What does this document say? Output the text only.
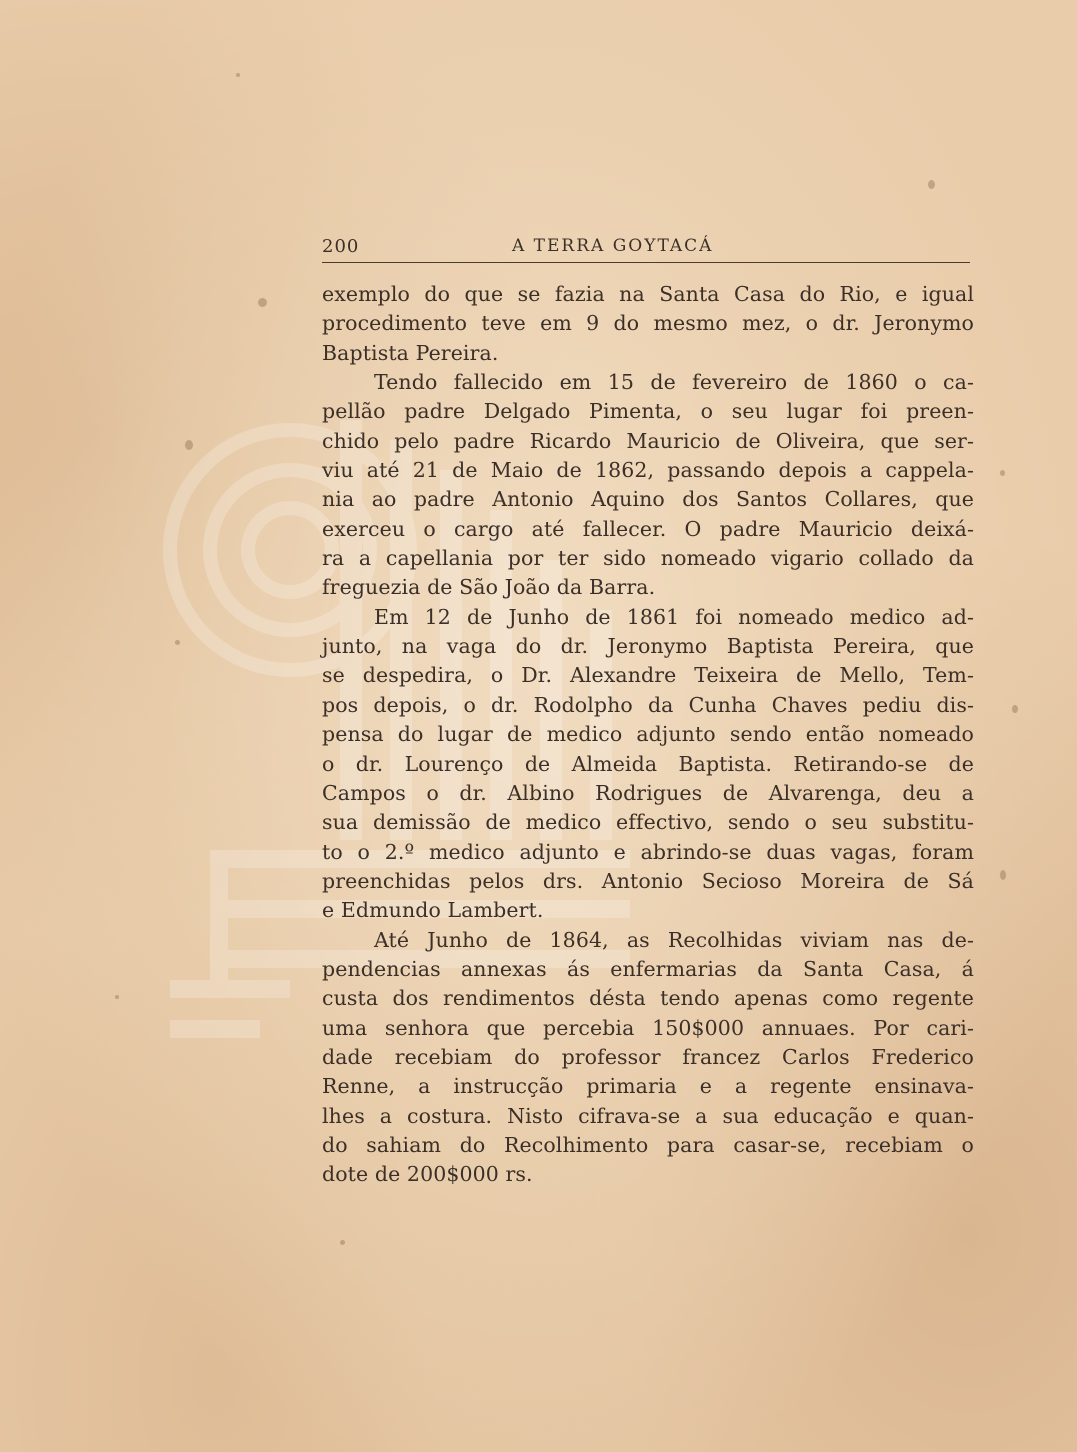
200	A TERRA GOYTACÁ
exemplo do que se fazia na Santa Casa do Rio, e igual
procedimento teve em 9 do mesmo mez, o dr. Jeronymo
Baptista Pereira.
Tendo fallecido em 15 de fevereiro de 1860 o ca-
pellão padre Delgado Pimenta, o seu lugar foi preen-
chido pelo padre Ricardo Mauricio de Oliveira, que ser-
viu até 21 de Maio de 1862, passando depois a cappela-
nia ao padre Antonio Aquino dos Santos Collares, que
exerceu o cargo até fallecer. O padre Mauricio deixá-
ra a capellania por ter sido nomeado vigario collado da
freguezia de São João da Barra.
Em 12 de Junho de 1861 foi nomeado medico ad-
junto, na vaga do dr. Jeronymo Baptista Pereira, que
se despedira, o Dr. Alexandre Teixeira de Mello, Tem-
pos depois, o dr. Rodolpho da Cunha Chaves pediu dis-
pensa do lugar de medico adjunto sendo então nomeado
o dr. Lourenço de Almeida Baptista. Retirando-se de
Campos o dr. Albino Rodrigues de Alvarenga, deu a
sua demissão de medico effectivo, sendo o seu substitu-
to o 2.º medico adjunto e abrindo-se duas vagas, foram
preenchidas pelos drs. Antonio Secioso Moreira de Sá
e Edmundo Lambert.
Até Junho de 1864, as Recolhidas viviam nas de-
pendencias annexas ás enfermarias da Santa Casa, á
custa dos rendimentos désta tendo apenas como regente
uma senhora que percebia 150$000 annuaes. Por cari-
dade recebiam do professor francez Carlos Frederico
Renne, a instrucção primaria e a regente ensinava-
lhes a costura. Nisto cifrava-se a sua educação e quan-
do sahiam do Recolhimento para casar-se, recebiam o
dote de 200$000 rs.
